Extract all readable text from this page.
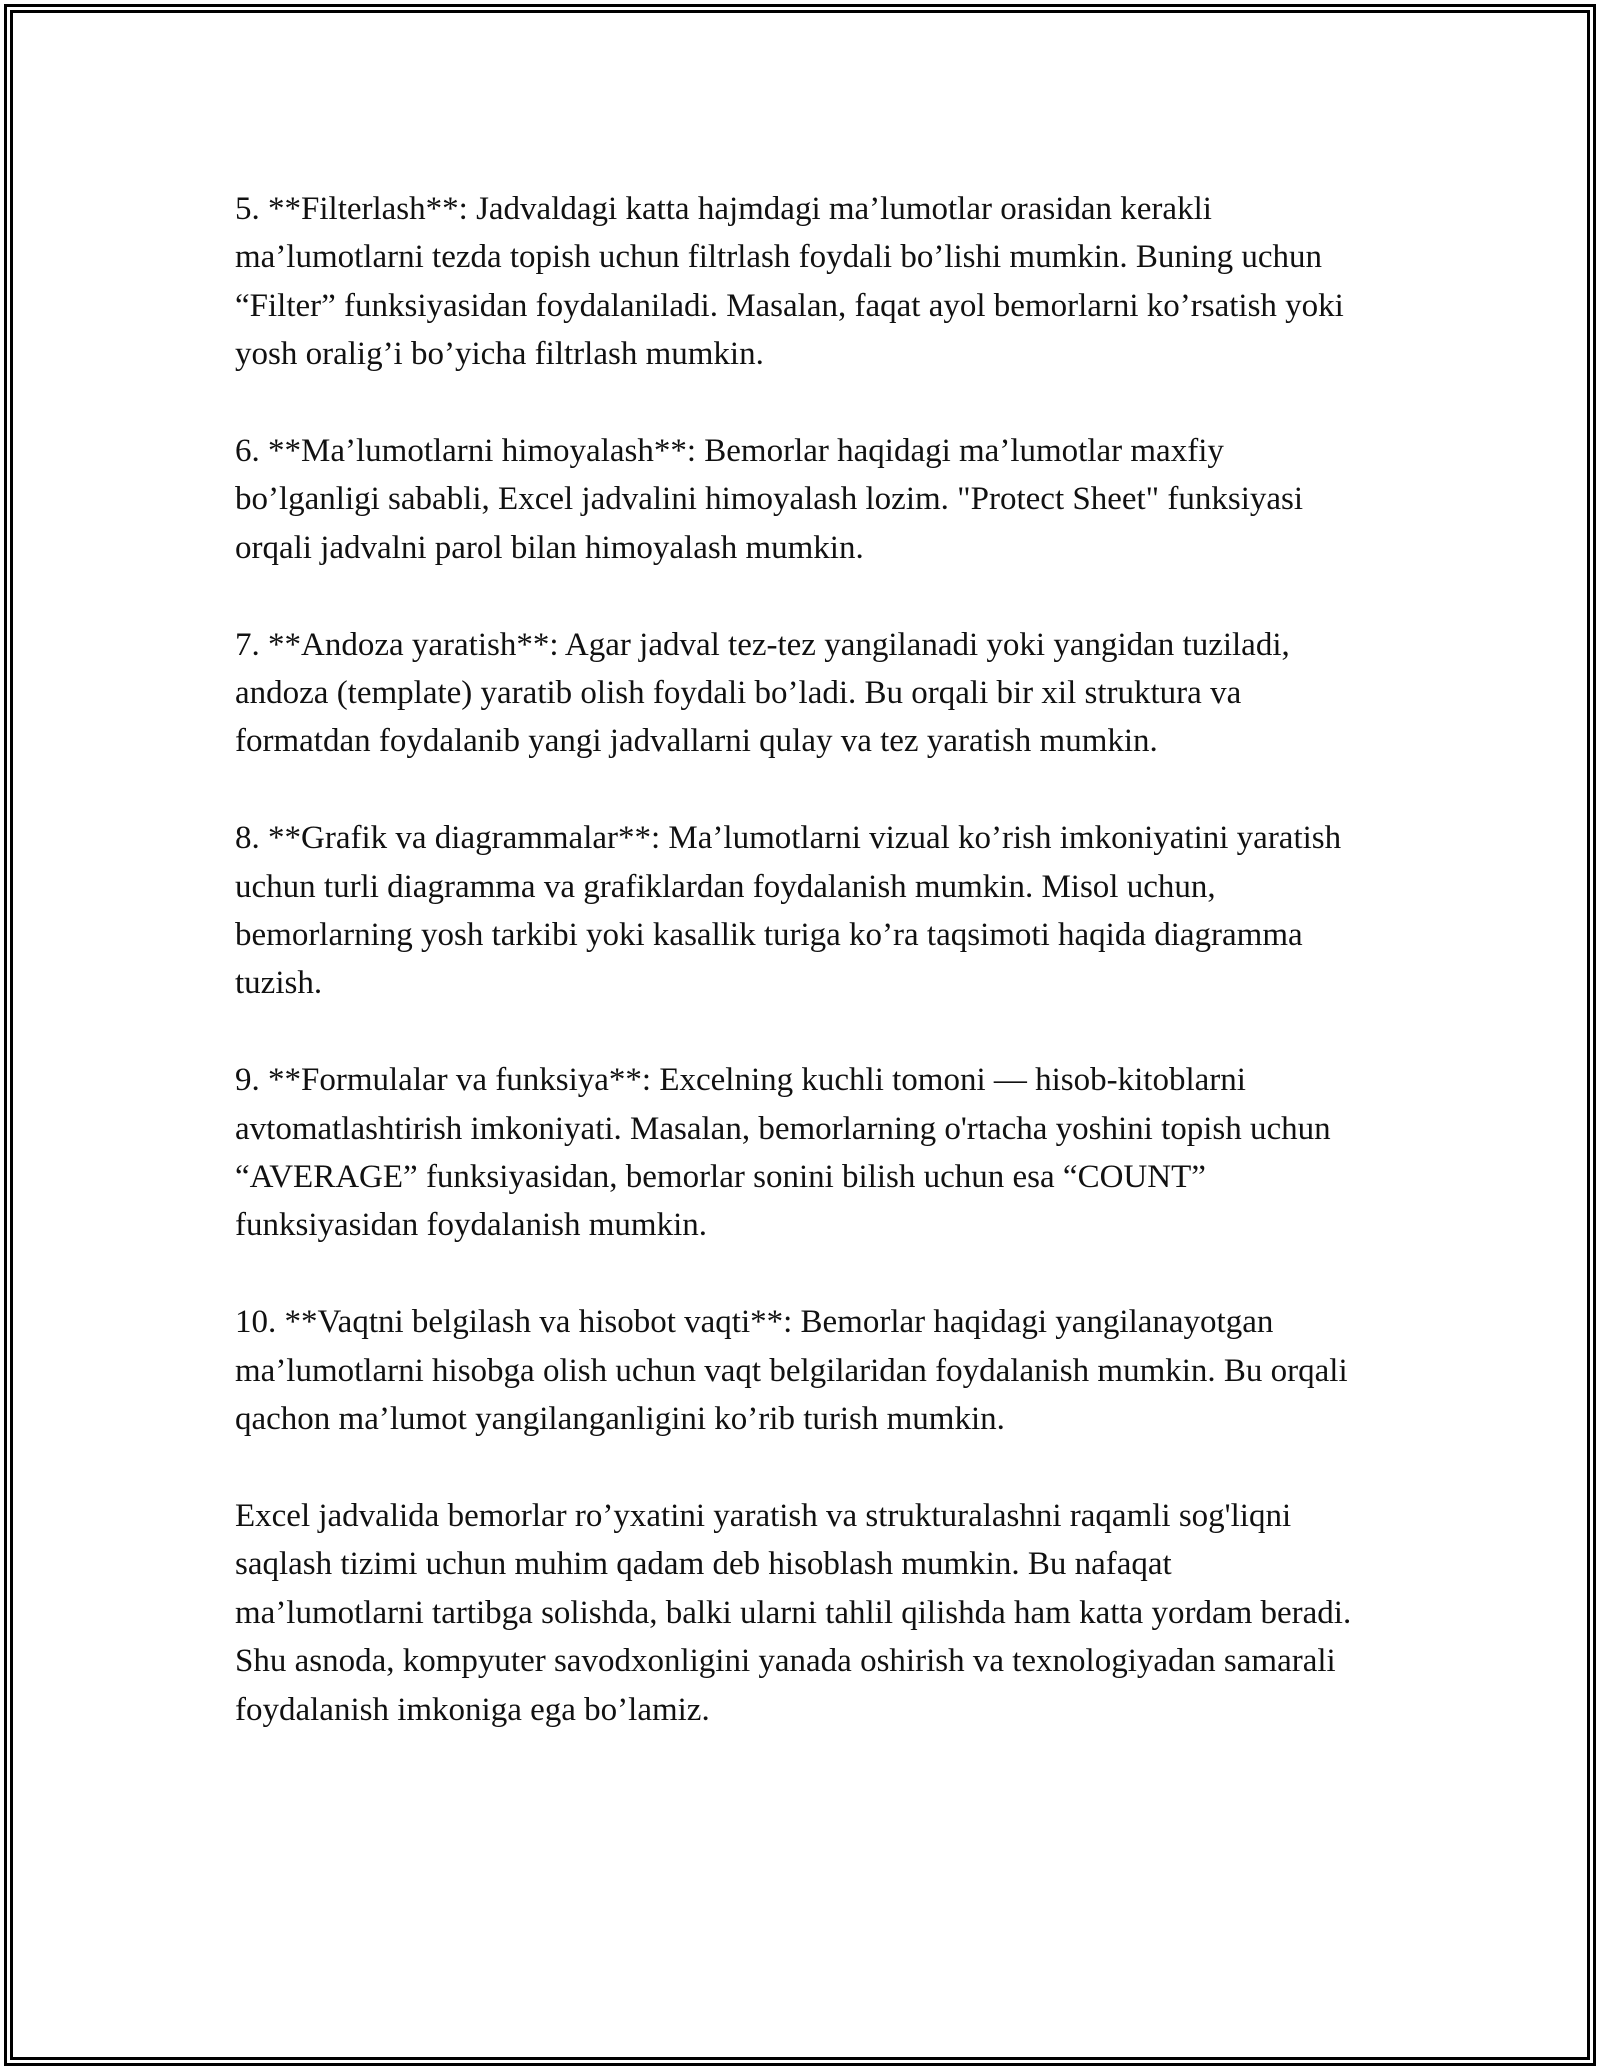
5. **Filterlash**: Jadvaldagi katta hajmdagi ma’lumotlar orasidan kerakli ma’lumotlarni tezda topish uchun filtrlash foydali bo’lishi mumkin. Buning uchun “Filter” funksiyasidan foydalaniladi. Masalan, faqat ayol bemorlarni ko’rsatish yoki yosh oralig’i bo’yicha filtrlash mumkin.

6. **Ma’lumotlarni himoyalash**: Bemorlar haqidagi ma’lumotlar maxfiy bo’lganligi sababli, Excel jadvalini himoyalash lozim. "Protect Sheet" funksiyasi orqali jadvalni parol bilan himoyalash mumkin.

7. **Andoza yaratish**: Agar jadval tez-tez yangilanadi yoki yangidan tuziladi, andoza (template) yaratib olish foydali bo’ladi. Bu orqali bir xil struktura va formatdan foydalanib yangi jadvallarni qulay va tez yaratish mumkin.

8. **Grafik va diagrammalar**: Ma’lumotlarni vizual ko’rish imkoniyatini yaratish uchun turli diagramma va grafiklardan foydalanish mumkin. Misol uchun, bemorlarning yosh tarkibi yoki kasallik turiga ko’ra taqsimoti haqida diagramma tuzish.

9. **Formulalar va funksiya**: Excelning kuchli tomoni — hisob-kitoblarni avtomatlashtirish imkoniyati. Masalan, bemorlarning o'rtacha yoshini topish uchun “AVERAGE” funksiyasidan, bemorlar sonini bilish uchun esa “COUNT” funksiyasidan foydalanish mumkin.

10. **Vaqtni belgilash va hisobot vaqti**: Bemorlar haqidagi yangilanayotgan ma’lumotlarni hisobga olish uchun vaqt belgilaridan foydalanish mumkin. Bu orqali qachon ma’lumot yangilanganligini ko’rib turish mumkin.

Excel jadvalida bemorlar ro’yxatini yaratish va strukturalashni raqamli sog'liqni saqlash tizimi uchun muhim qadam deb hisoblash mumkin. Bu nafaqat ma’lumotlarni tartibga solishda, balki ularni tahlil qilishda ham katta yordam beradi. Shu asnoda, kompyuter savodxonligini yanada oshirish va texnologiyadan samarali foydalanish imkoniga ega bo’lamiz.
